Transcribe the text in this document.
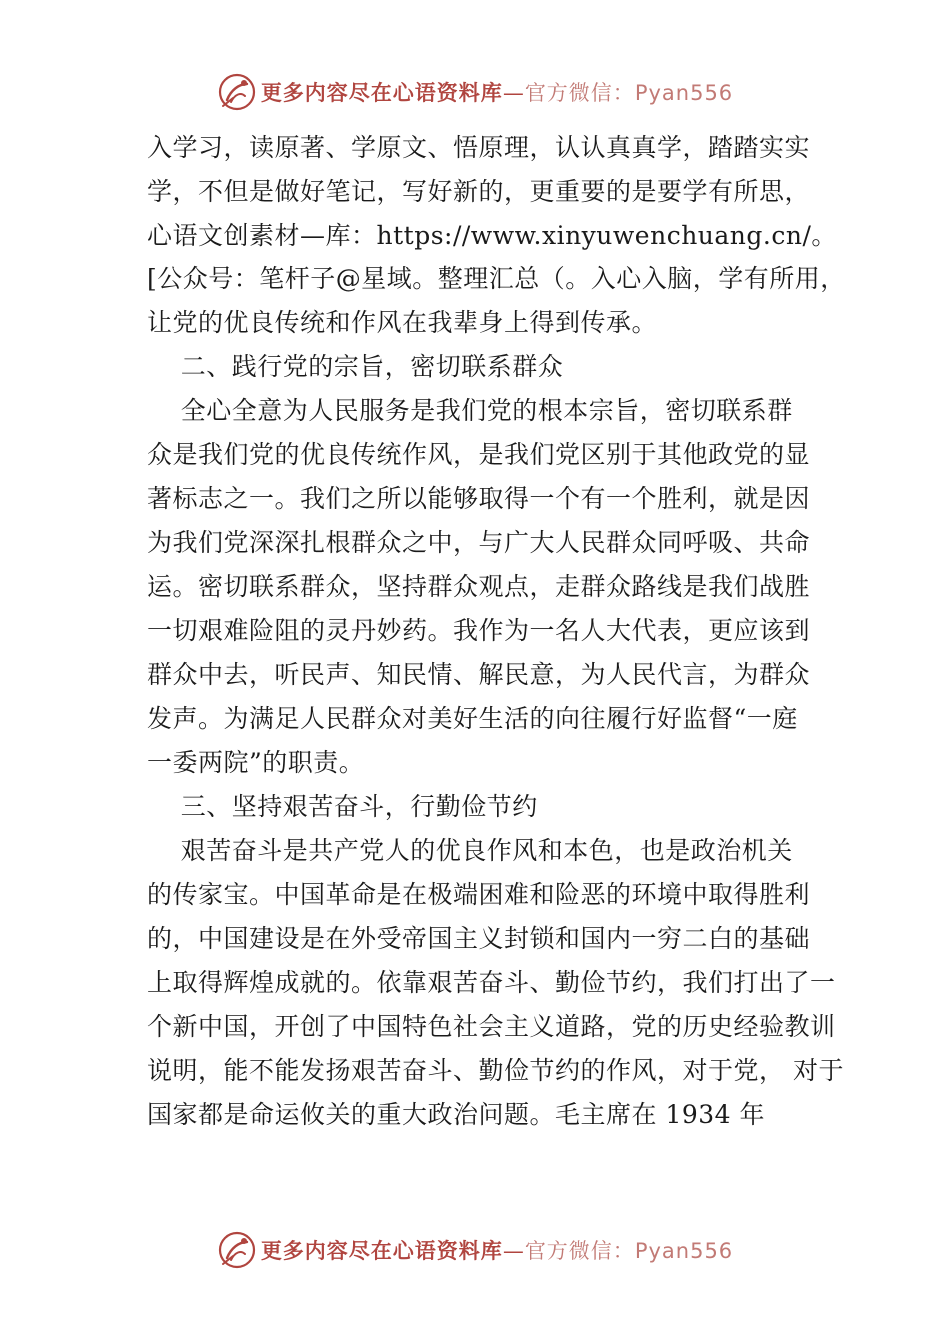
更多内容尽在心语资料库—官方微信：Pyan556
入学习，读原著、学原文、悟原理，认认真真学，踏踏实实
学，不但是做好笔记，写好新的，更重要的是要学有所思，
心语文创素材—库：https://www.xinyuwenchuang.cn/。
[公众号：笔杆子@星域。整理汇总（。入心入脑，学有所用，
让党的优良传统和作风在我辈身上得到传承。
二、践行党的宗旨，密切联系群众
全心全意为人民服务是我们党的根本宗旨，密切联系群
众是我们党的优良传统作风，是我们党区别于其他政党的显
著标志之一。我们之所以能够取得一个有一个胜利，就是因
为我们党深深扎根群众之中，与广大人民群众同呼吸、共命
运。密切联系群众，坚持群众观点，走群众路线是我们战胜
一切艰难险阻的灵丹妙药。我作为一名人大代表，更应该到
群众中去，听民声、知民情、解民意，为人民代言，为群众
发声。为满足人民群众对美好生活的向往履行好监督“一庭
一委两院”的职责。
三、坚持艰苦奋斗，行勤俭节约
艰苦奋斗是共产党人的优良作风和本色，也是政治机关
的传家宝。中国革命是在极端困难和险恶的环境中取得胜利
的，中国建设是在外受帝国主义封锁和国内一穷二白的基础
上取得辉煌成就的。依靠艰苦奋斗、勤俭节约，我们打出了一
个新中国，开创了中国特色社会主义道路，党的历史经验教训
说明，能不能发扬艰苦奋斗、勤俭节约的作风，对于党， 对于
国家都是命运攸关的重大政治问题。毛主席在 1934 年
更多内容尽在心语资料库—官方微信：Pyan556
